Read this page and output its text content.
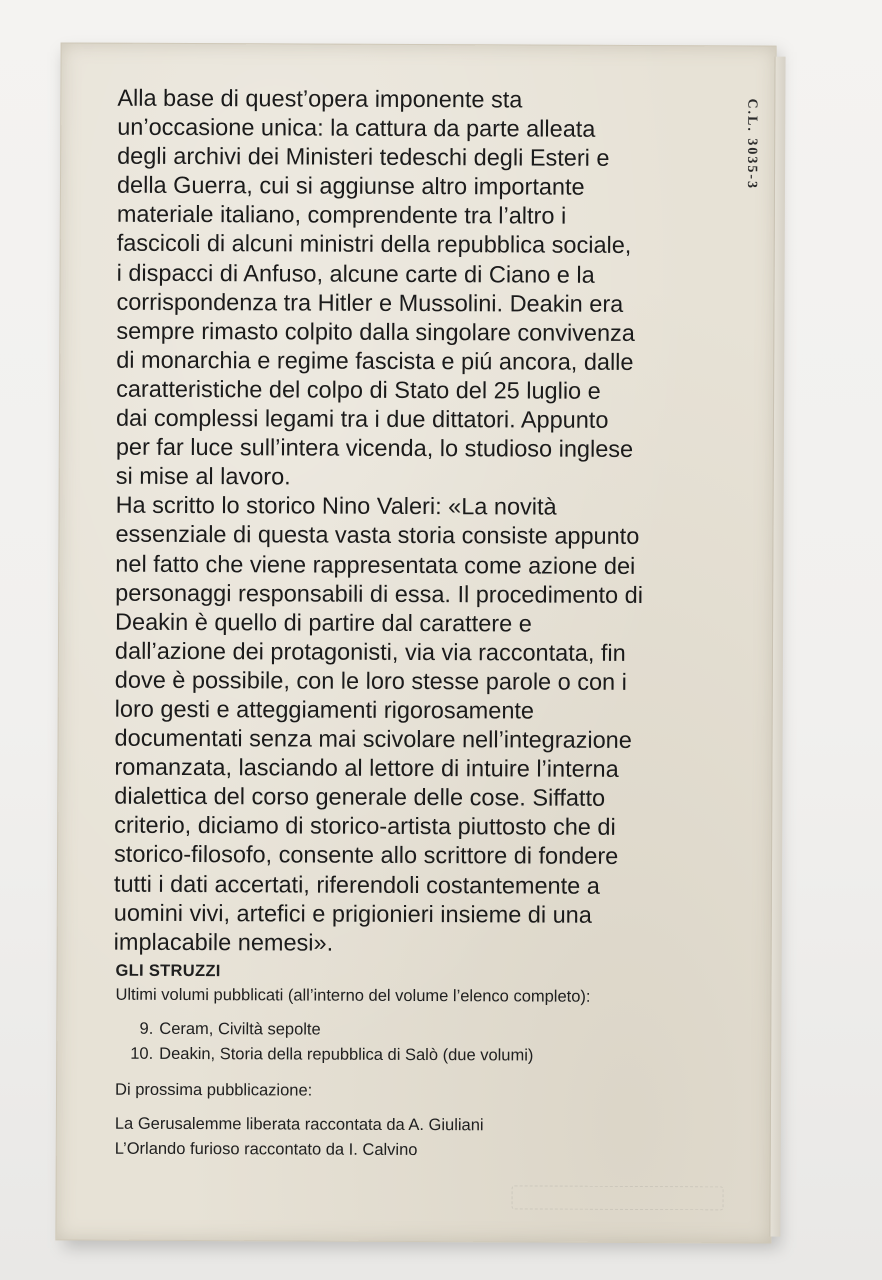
C.L. 3035-3

Alla base di quest’opera imponente sta
un’occasione unica: la cattura da parte alleata
degli archivi dei Ministeri tedeschi degli Esteri e
della Guerra, cui si aggiunse altro importante
materiale italiano, comprendente tra l’altro i
fascicoli di alcuni ministri della repubblica sociale,
i dispacci di Anfuso, alcune carte di Ciano e la
corrispondenza tra Hitler e Mussolini. Deakin era
sempre rimasto colpito dalla singolare convivenza
di monarchia e regime fascista e piú ancora, dalle
caratteristiche del colpo di Stato del 25 luglio e
dai complessi legami tra i due dittatori. Appunto
per far luce sull’intera vicenda, lo studioso inglese
si mise al lavoro.
Ha scritto lo storico Nino Valeri: «La novità
essenziale di questa vasta storia consiste appunto
nel fatto che viene rappresentata come azione dei
personaggi responsabili di essa. Il procedimento di
Deakin è quello di partire dal carattere e
dall’azione dei protagonisti, via via raccontata, fin
dove è possibile, con le loro stesse parole o con i
loro gesti e atteggiamenti rigorosamente
documentati senza mai scivolare nell’integrazione
romanzata, lasciando al lettore di intuire l’interna
dialettica del corso generale delle cose. Siffatto
criterio, diciamo di storico-artista piuttosto che di
storico-filosofo, consente allo scrittore di fondere
tutti i dati accertati, riferendoli costantemente a
uomini vivi, artefici e prigionieri insieme di una
implacabile nemesi».

GLI STRUZZI

Ultimi volumi pubblicati (all’interno del volume l’elenco completo):

9. Ceram, Civiltà sepolte
10. Deakin, Storia della repubblica di Salò (due volumi)

Di prossima pubblicazione:

La Gerusalemme liberata raccontata da A. Giuliani

L’Orlando furioso raccontato da I. Calvino
